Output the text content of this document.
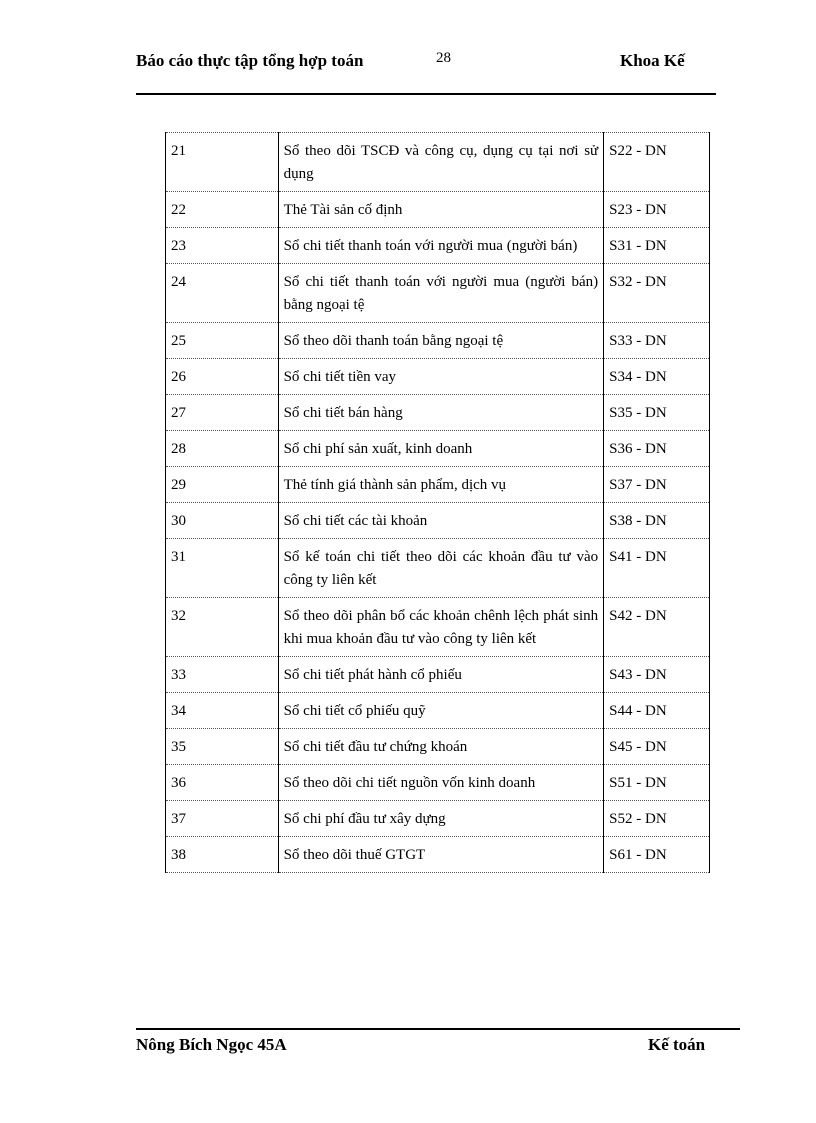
Báo cáo thực tập tổng hợp toán	28	Khoa Kế
21	Sổ theo dõi TSCĐ và công cụ, dụng cụ tại nơi sử dụng	S22 - DN
22	Thẻ Tài sản cố định	S23 - DN
23	Sổ chi tiết thanh toán với người mua (người bán)	S31 - DN
24	Sổ chi tiết thanh toán với người mua (người bán) bằng ngoại tệ	S32 - DN
25	Sổ theo dõi thanh toán bằng ngoại tệ	S33 - DN
26	Sổ chi tiết tiền vay	S34 - DN
27	Sổ chi tiết bán hàng	S35 - DN
28	Sổ chi phí sản xuất, kinh doanh	S36 - DN
29	Thẻ tính giá thành sản phẩm, dịch vụ	S37 - DN
30	Sổ chi tiết các tài khoản	S38 - DN
31	Sổ kế toán chi tiết theo dõi các khoản đầu tư vào công ty liên kết	S41 - DN
32	Sổ theo dõi phân bổ các khoản chênh lệch phát sinh khi mua khoản đầu tư vào công ty liên kết	S42 - DN
33	Sổ chi tiết phát hành cổ phiếu	S43 - DN
34	Sổ chi tiết cổ phiếu quỹ	S44 - DN
35	Sổ chi tiết đầu tư chứng khoán	S45 - DN
36	Sổ theo dõi chi tiết nguồn vốn kinh doanh	S51 - DN
37	Sổ chi phí đầu tư xây dựng	S52 - DN
38	Sổ theo dõi thuế GTGT	S61 - DN
Nông Bích Ngọc 45A	Kế toán
